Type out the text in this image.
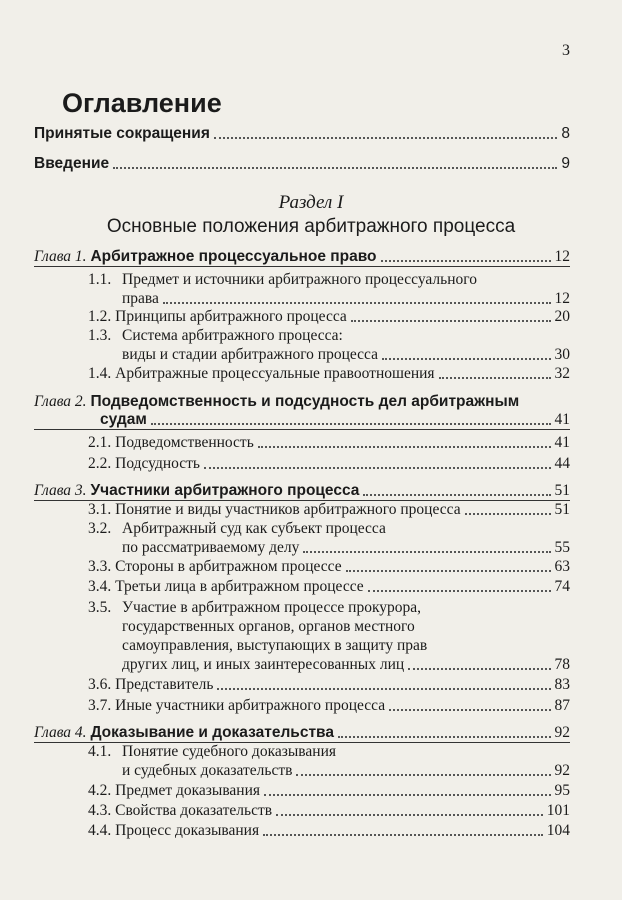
3
Оглавление
Принятые сокращения	8
Введение	9
Раздел I
Основные положения арбитражного процесса
Глава 1. Арбитражное процессуальное право	12
1.1. Предмет и источники арбитражного процессуального
права	12
1.2. Принципы арбитражного процесса	20
1.3. Система арбитражного процесса:
виды и стадии арбитражного процесса	30
1.4. Арбитражные процессуальные правоотношения	32
Глава 2. Подведомственность и подсудность дел арбитражным
судам	41
2.1. Подведомственность	41
2.2. Подсудность	44
Глава 3. Участники арбитражного процесса	51
3.1. Понятие и виды участников арбитражного процесса	51
3.2. Арбитражный суд как субъект процесса
по рассматриваемому делу	55
3.3. Стороны в арбитражном процессе	63
3.4. Третьи лица в арбитражном процессе	74
3.5. Участие в арбитражном процессе прокурора,
государственных органов, органов местного
самоуправления, выступающих в защиту прав
других лиц, и иных заинтересованных лиц	78
3.6. Представитель	83
3.7. Иные участники арбитражного процесса	87
Глава 4. Доказывание и доказательства	92
4.1. Понятие судебного доказывания
и судебных доказательств	92
4.2. Предмет доказывания	95
4.3. Свойства доказательств	101
4.4. Процесс доказывания	104
